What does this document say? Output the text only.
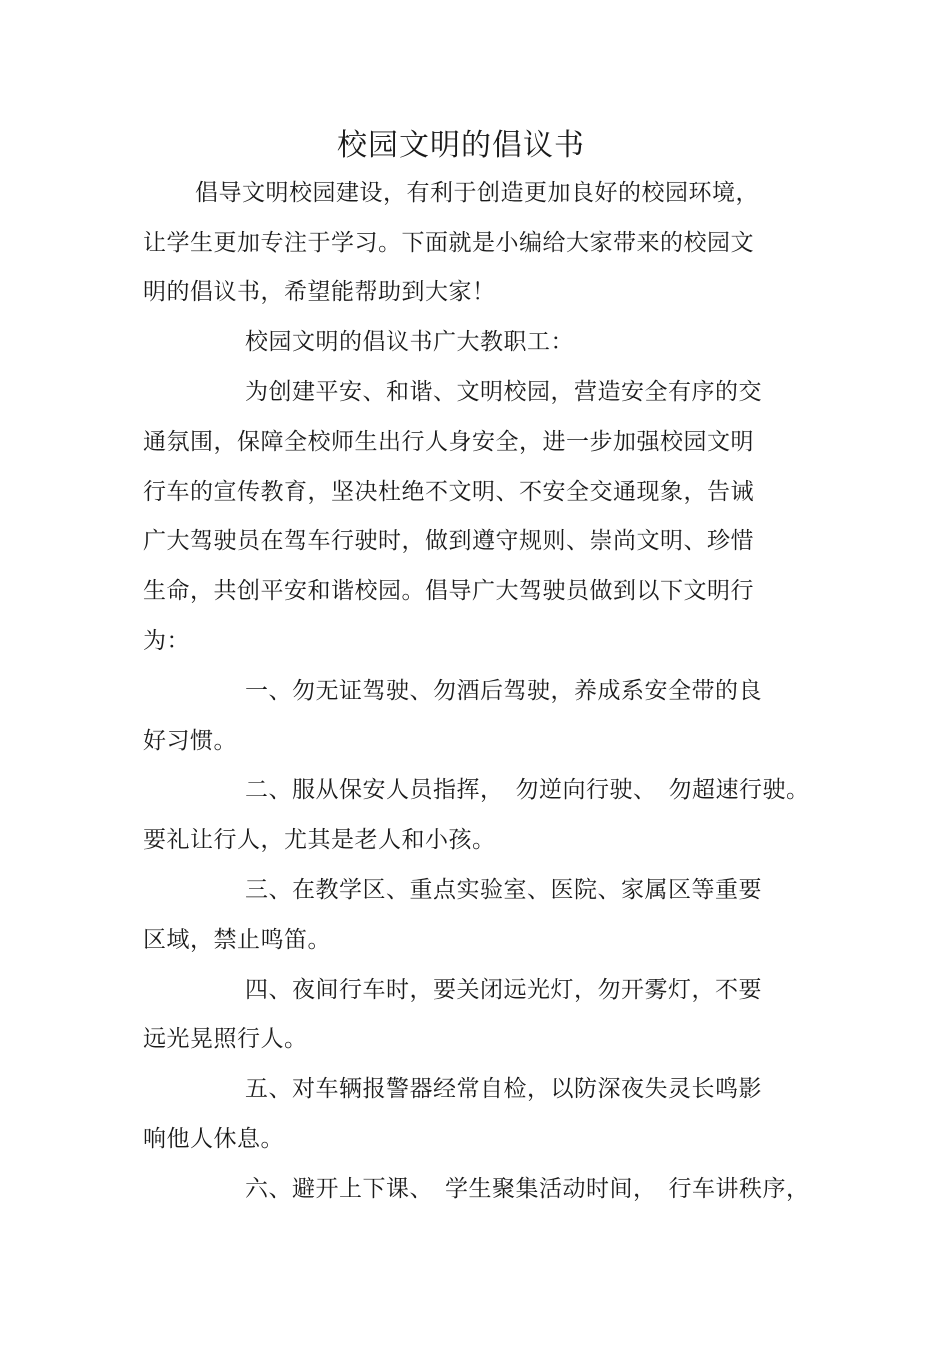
校园文明的倡议书
倡导文明校园建设，有利于创造更加良好的校园环境，
让学生更加专注于学习。下面就是小编给大家带来的校园文
明的倡议书，希望能帮助到大家！
校园文明的倡议书广大教职工：
为创建平安、和谐、文明校园，营造安全有序的交
通氛围，保障全校师生出行人身安全，进一步加强校园文明
行车的宣传教育，坚决杜绝不文明、不安全交通现象，告诫
广大驾驶员在驾车行驶时，做到遵守规则、崇尚文明、珍惜
生命，共创平安和谐校园。倡导广大驾驶员做到以下文明行
为：
一、勿无证驾驶、勿酒后驾驶，养成系安全带的良
好习惯。
二、服从保安人员指挥，　勿逆向行驶、　勿超速行驶。
要礼让行人，尤其是老人和小孩。
三、在教学区、重点实验室、医院、家属区等重要
区域，禁止鸣笛。
四、夜间行车时，要关闭远光灯，勿开雾灯，不要
远光晃照行人。
五、对车辆报警器经常自检，以防深夜失灵长鸣影
响他人休息。
六、避开上下课、　学生聚集活动时间，　行车讲秩序，
